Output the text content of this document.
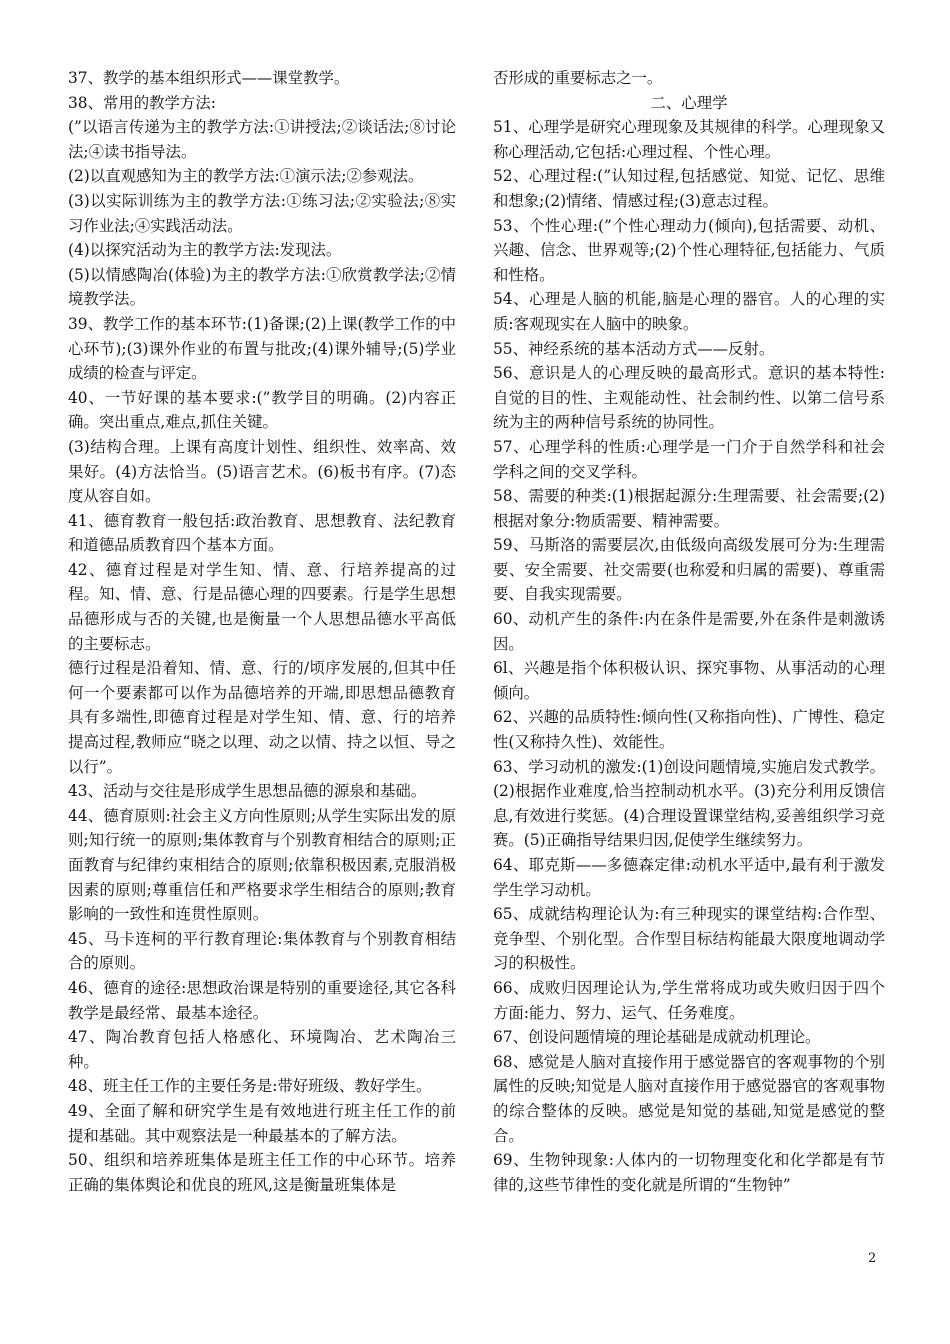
37、教学的基本组织形式——课堂教学。

38、常用的教学方法:

(”以语言传递为主的教学方法:①讲授法;②谈话法;⑧讨论法;④读书指导法。

(2)以直观感知为主的教学方法:①演示法;②参观法。

(3)以实际训练为主的教学方法:①练习法;②实验法;⑧实习作业法;④实践活动法。

(4)以探究活动为主的教学方法:发现法。

(5)以情感陶冶(体验)为主的教学方法:①欣赏教学法;②情境教学法。

39、教学工作的基本环节:(1)备课;(2)上课(教学工作的中心环节);(3)课外作业的布置与批改;(4)课外辅导;(5)学业成绩的检查与评定。

40、一节好课的基本要求:(”教学目的明确。(2)内容正确。突出重点,难点,抓住关键。

(3)结构合理。上课有高度计划性、组织性、效率高、效果好。(4)方法恰当。(5)语言艺术。(6)板书有序。(7)态度从容自如。

41、德育教育一般包括:政治教育、思想教育、法纪教育和道德品质教育四个基本方面。

42、德育过程是对学生知、情、意、行培养提高的过程。知、情、意、行是品德心理的四要素。行是学生思想品德形成与否的关键,也是衡量一个人思想品德水平高低的主要标志。

德行过程是沿着知、情、意、行的/顷序发展的,但其中任何一个要素都可以作为品德培养的开端,即思想品德教育具有多端性,即德育过程是对学生知、情、意、行的培养提高过程,教师应“晓之以理、动之以情、持之以恒、导之以行”。

43、活动与交往是形成学生思想品德的源泉和基础。

44、德育原则:社会主义方向性原则;从学生实际出发的原则;知行统一的原则;集体教育与个别教育相结合的原则;正面教育与纪律约束相结合的原则;依靠积极因素,克服消极因素的原则;尊重信任和严格要求学生相结合的原则;教育影响的一致性和连贯性原则。

45、马卡连柯的平行教育理论:集体教育与个别教育相结合的原则。

46、德育的途径:思想政治课是特别的重要途径,其它各科教学是最经常、最基本途径。

47、陶冶教育包括人格感化、环境陶冶、艺术陶冶三种。

48、班主任工作的主要任务是:带好班级、教好学生。

49、全面了解和研究学生是有效地进行班主任工作的前提和基础。其中观察法是一种最基本的了解方法。

50、组织和培养班集体是班主任工作的中心环节。培养正确的集体舆论和优良的班风,这是衡量班集体是

否形成的重要标志之一。

二、心理学

51、心理学是研究心理现象及其规律的科学。心理现象又称心理活动,它包括:心理过程、个性心理。

52、心理过程:(”认知过程,包括感觉、知觉、记忆、思维和想象;(2)情绪、情感过程;(3)意志过程。

53、个性心理:(”个性心理动力(倾向),包括需要、动机、兴趣、信念、世界观等;(2)个性心理特征,包括能力、气质和性格。

54、心理是人脑的机能,脑是心理的器官。人的心理的实质:客观现实在人脑中的映象。

55、神经系统的基本活动方式——反射。

56、意识是人的心理反映的最高形式。意识的基本特性:自觉的目的性、主观能动性、社会制约性、以第二信号系统为主的两种信号系统的协同性。

57、心理学科的性质:心理学是一门介于自然学科和社会学科之间的交叉学科。

58、需要的种类:(1)根据起源分:生理需要、社会需要;(2)根据对象分:物质需要、精神需要。

59、马斯洛的需要层次,由低级向高级发展可分为:生理需要、安全需要、社交需要(也称爱和归属的需要)、尊重需要、自我实现需要。

60、动机产生的条件:内在条件是需要,外在条件是刺激诱因。

6l、兴趣是指个体积极认识、探究事物、从事活动的心理倾向。

62、兴趣的品质特性:倾向性(又称指向性)、广博性、稳定性(又称持久性)、效能性。

63、学习动机的激发:(1)创设问题情境,实施启发式教学。(2)根据作业难度,恰当控制动机水平。(3)充分利用反馈信息,有效进行奖惩。(4)合理设置课堂结构,妥善组织学习竞赛。(5)正确指导结果归因,促使学生继续努力。

64、耶克斯——多德森定律:动机水平适中,最有利于激发学生学习动机。

65、成就结构理论认为:有三种现实的课堂结构:合作型、竞争型、个别化型。合作型目标结构能最大限度地调动学习的积极性。

66、成败归因理论认为,学生常将成功或失败归因于四个方面:能力、努力、运气、任务难度。

67、创设问题情境的理论基础是成就动机理论。

68、感觉是人脑对直接作用于感觉器官的客观事物的个别属性的反映;知觉是人脑对直接作用于感觉器官的客观事物的综合整体的反映。感觉是知觉的基础,知觉是感觉的整合。

69、生物钟现象:人体内的一切物理变化和化学都是有节律的,这些节律性的变化就是所谓的“生物钟”

2
